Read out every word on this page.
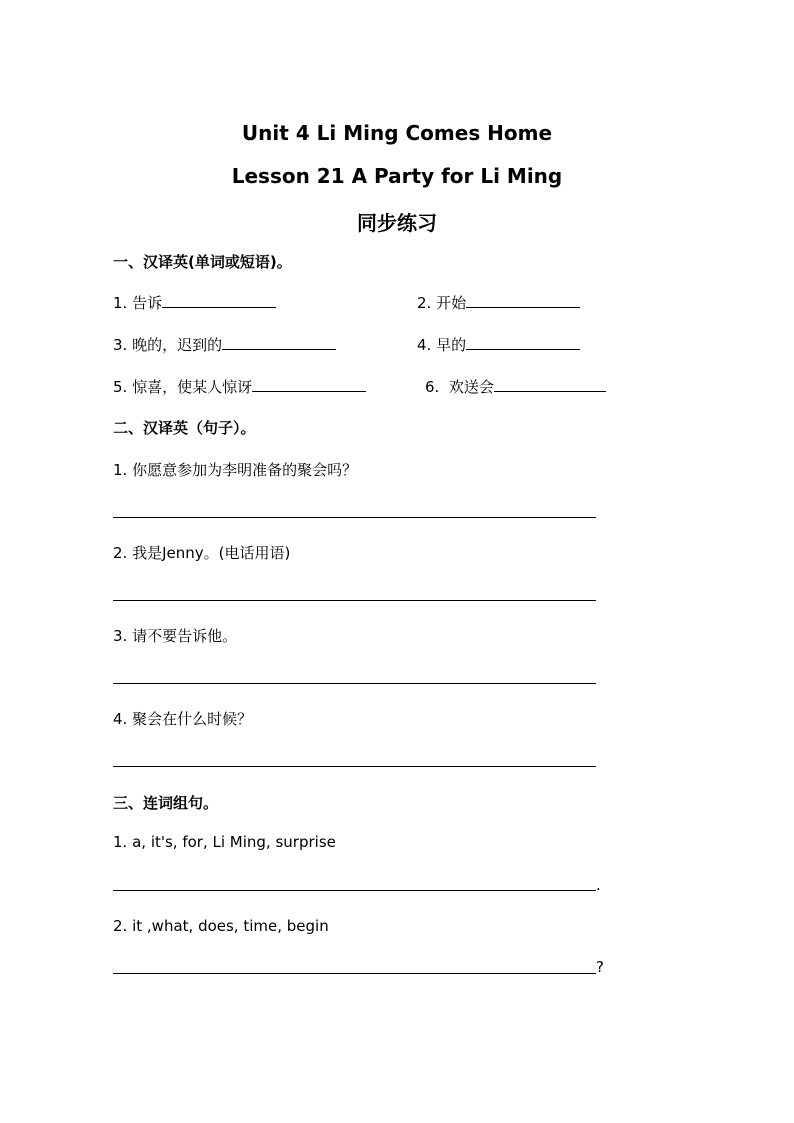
Unit 4 Li Ming Comes Home
Lesson 21 A Party for Li Ming
同步练习
一、汉译英(单词或短语)。
1. 告诉	2. 开始
3. 晚的，迟到的	4. 早的
5. 惊喜，使某人惊讶	6. 欢送会
二、汉译英（句子）。
1. 你愿意参加为李明准备的聚会吗？
2. 我是Jenny。(电话用语)
3. 请不要告诉他。
4. 聚会在什么时候？
三、连词组句。
1. a, it's, for, Li Ming, surprise
.
2. it ,what, does, time, begin
?
